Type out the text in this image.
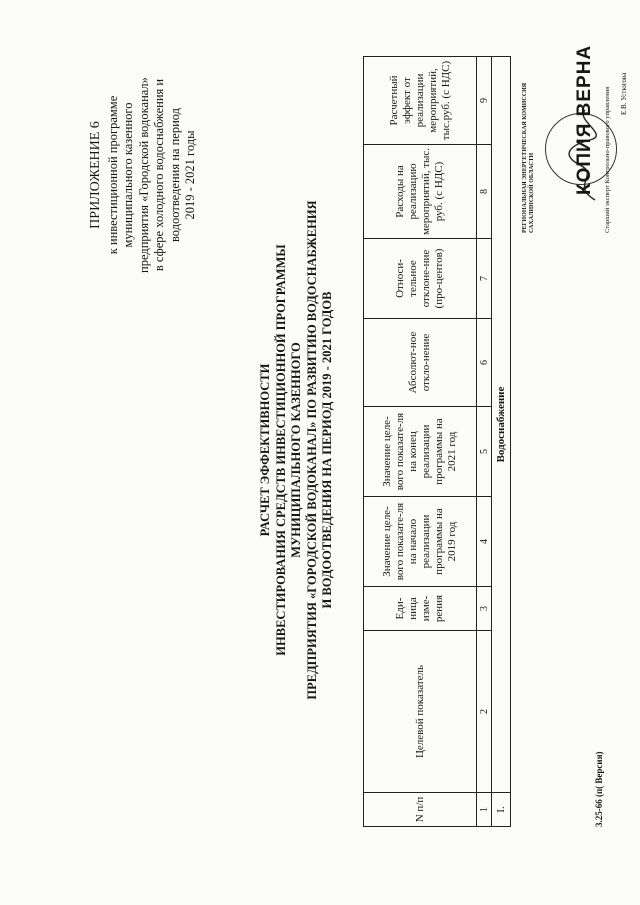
ПРИЛОЖЕНИЕ 6 к инвестиционной программе муниципального казенного предприятия «Городской водоканал» в сфере холодного водоснабжения и водоотведения на период 2019 - 2021 годы
РАСЧЕТ ЭФФЕКТИВНОСТИ ИНВЕСТИРОВАНИЯ СРЕДСТВ ИНВЕСТИЦИОННОЙ ПРОГРАММЫ МУНИЦИПАЛЬНОГО КАЗЕННОГО ПРЕДПРИЯТИЯ «ГОРОДСКОЙ ВОДОКАНАЛ» ПО РАЗВИТИЮ ВОДОСНАБЖЕНИЯ И ВОДООТВЕДЕНИЯ НА ПЕРИОД 2019 - 2021 ГОДОВ
N п/п	Целевой показатель	Еди-ница изме-рения	Значение целе-вого показате-ля на начало реализации программы на 2019 год	Значение целе-вого показате-ля на конец реализации программы на 2021 год	Абсолют-ное откло-нение	Относи-тельное отклоне-ние (про-центов)	Расходы на реализацию мероприятий, тыс. руб. (с НДС)	Расчетный эффект от реализации мероприятий, тыс.руб. (с НДС)
1	2	3	4	5	6	7	8	9
I.	Водоснабжение							
3.25-66 (п( Версия)
РЕГИОНАЛЬНАЯ ЭНЕРГЕТИЧЕСКАЯ КОМИССИЯ САХАЛИНСКОЙ ОБЛАСТИ КОПИЯ ВЕРНА Старший эксперт Контрольно-правового управления Е.В. Устюгова
